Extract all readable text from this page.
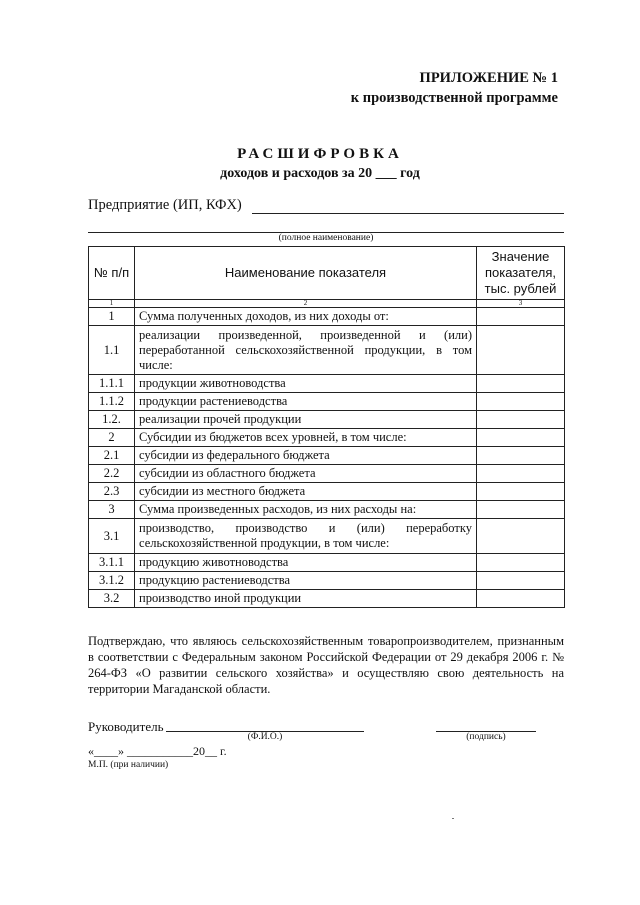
ПРИЛОЖЕНИЕ № 1
к производственной программе
РАСШИФРОВКА
доходов и расходов за 20 ___ год
Предприятие (ИП, КФХ)
(полное наименование)
№ п/п	Наименование показателя	Значение показателя, тыс. рублей
1	2	3
1	Сумма полученных доходов, из них доходы от:	
1.1	реализации произведенной, произведенной и (или) переработанной сельскохозяйственной продукции, в том числе:	
1.1.1	продукции животноводства	
1.1.2	продукции растениеводства	
1.2.	реализации прочей продукции	
2	Субсидии из бюджетов всех уровней, в том числе:	
2.1	субсидии из федерального бюджета	
2.2	субсидии из областного бюджета	
2.3	субсидии из местного бюджета	
3	Сумма произведенных расходов, из них расходы на:	
3.1	производство, производство и (или) переработку сельскохозяйственной продукции, в том числе:	
3.1.1	продукцию животноводства	
3.1.2	продукцию растениеводства	
3.2	производство иной продукции	
Подтверждаю, что являюсь сельскохозяйственным товаропроизводителем, признанным в соответствии с Федеральным законом Российской Федерации от 29 декабря 2006 г. № 264-ФЗ «О развитии сельского хозяйства» и осуществляю свою деятельность на территории Магаданской области.
Руководитель
(Ф.И.О.)	(подпись)
«____» ___________20__ г.
М.П. (при наличии)
